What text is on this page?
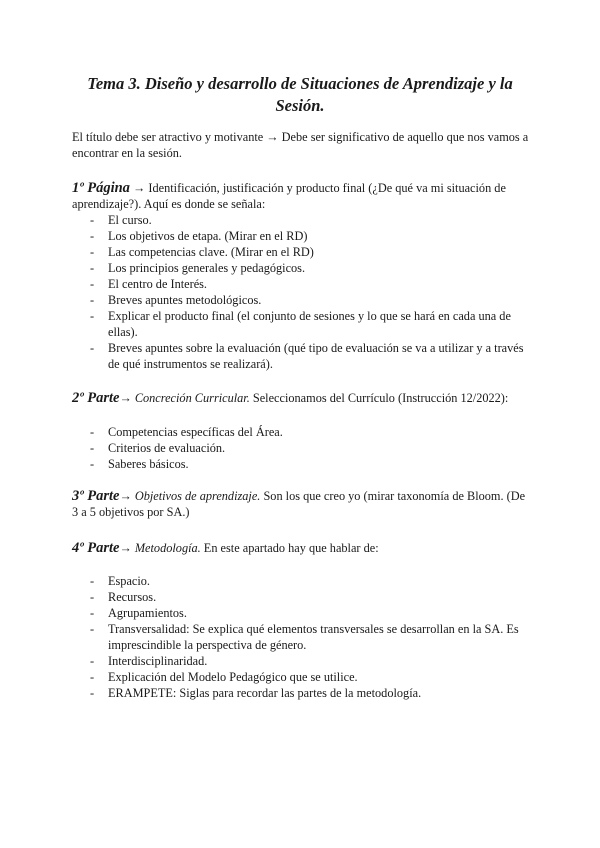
Tema 3. Diseño y desarrollo de Situaciones de Aprendizaje y la Sesión.

El título debe ser atractivo y motivante → Debe ser significativo de aquello que nos vamos a encontrar en la sesión.

1º Página → Identificación, justificación y producto final (¿De qué va mi situación de aprendizaje?). Aquí es donde se señala:

- El curso.
- Los objetivos de etapa. (Mirar en el RD)
- Las competencias clave. (Mirar en el RD)
- Los principios generales y pedagógicos.
- El centro de Interés.
- Breves apuntes metodológicos.
- Explicar el producto final (el conjunto de sesiones y lo que se hará en cada una de ellas).
- Breves apuntes sobre la evaluación (qué tipo de evaluación se va a utilizar y a través de qué instrumentos se realizará).

2º Parte→ Concreción Curricular. Seleccionamos del Currículo (Instrucción 12/2022):

- Competencias específicas del Área.
- Criterios de evaluación.
- Saberes básicos.

3º Parte→ Objetivos de aprendizaje. Son los que creo yo (mirar taxonomía de Bloom. (De 3 a 5 objetivos por SA.)

4º Parte→ Metodología. En este apartado hay que hablar de:

- Espacio.
- Recursos.
- Agrupamientos.
- Transversalidad: Se explica qué elementos transversales se desarrollan en la SA. Es imprescindible la perspectiva de género.
- Interdisciplinaridad.
- Explicación del Modelo Pedagógico que se utilice.
- ERAMPETE: Siglas para recordar las partes de la metodología.
